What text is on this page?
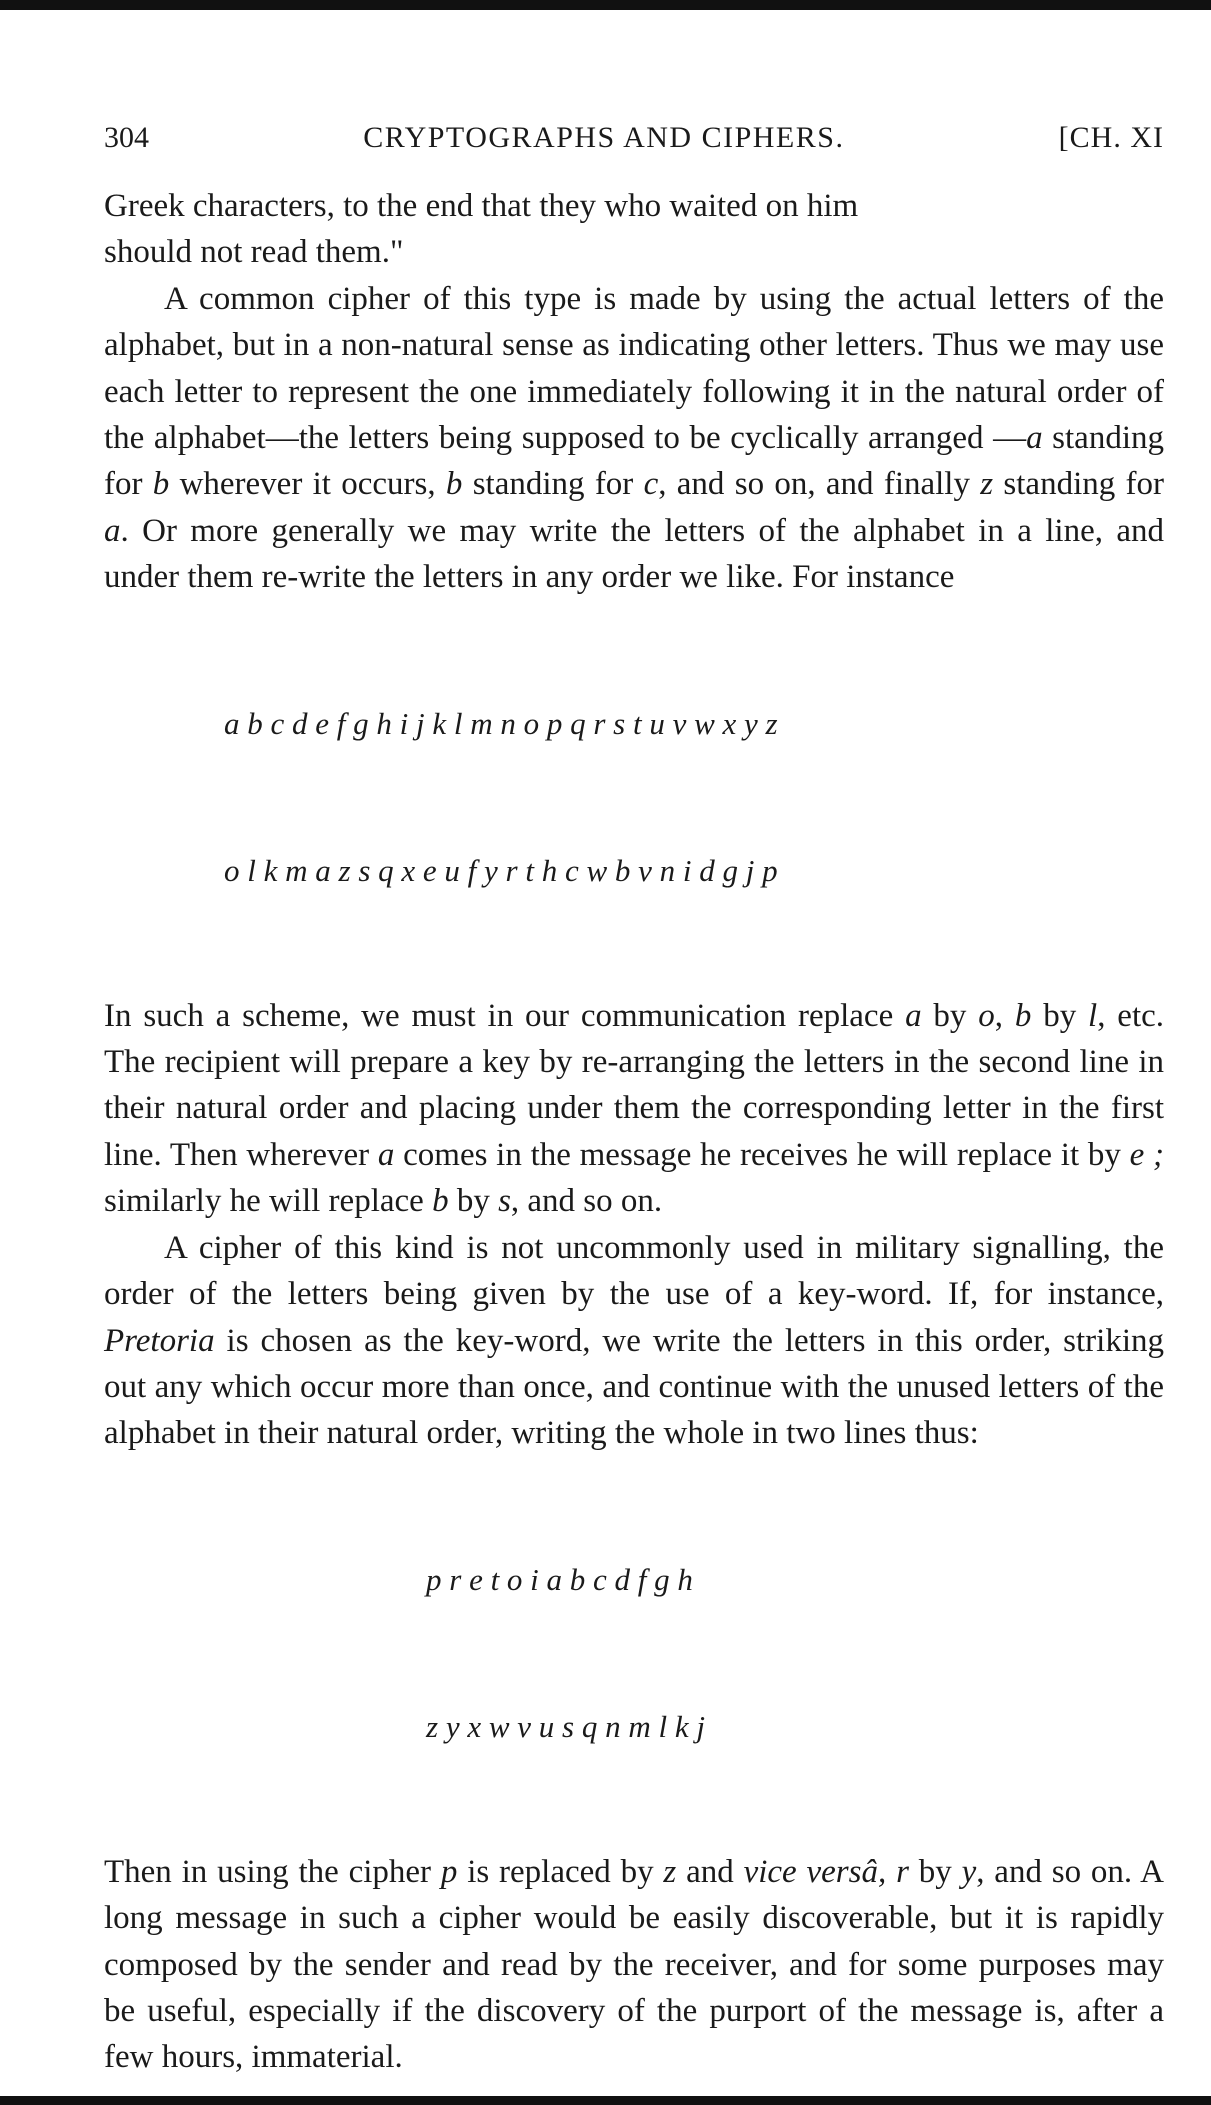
304	CRYPTOGRAPHS AND CIPHERS.	[CH. XI

Greek characters, to the end that they who waited on him
should not read them."

A common cipher of this type is made by using the actual letters of the alphabet, but in a non-natural sense as indicating other letters. Thus we may use each letter to represent the one immediately following it in the natural order of the alphabet—the letters being supposed to be cyclically arranged —a standing for b wherever it occurs, b standing for c, and so on, and finally z standing for a. Or more generally we may write the letters of the alphabet in a line, and under them re-write the letters in any order we like. For instance

a b c d e f g h i j k l m n o p q r s t u v w x y z

o l k m a z s q x e u f y r t h c w b v n i d g j p

In such a scheme, we must in our communication replace a by o, b by l, etc. The recipient will prepare a key by re-arranging the letters in the second line in their natural order and placing under them the corresponding letter in the first line. Then wherever a comes in the message he receives he will replace it by e ; similarly he will replace b by s, and so on.

A cipher of this kind is not uncommonly used in military signalling, the order of the letters being given by the use of a key-word. If, for instance, Pretoria is chosen as the key-word, we write the letters in this order, striking out any which occur more than once, and continue with the unused letters of the alphabet in their natural order, writing the whole in two lines thus:

p r e t o i a b c d f g h

z y x w v u s q n m l k j

Then in using the cipher p is replaced by z and vice versâ, r by y, and so on. A long message in such a cipher would be easily discoverable, but it is rapidly composed by the sender and read by the receiver, and for some purposes may be useful, especially if the discovery of the purport of the message is, after a few hours, immaterial.
